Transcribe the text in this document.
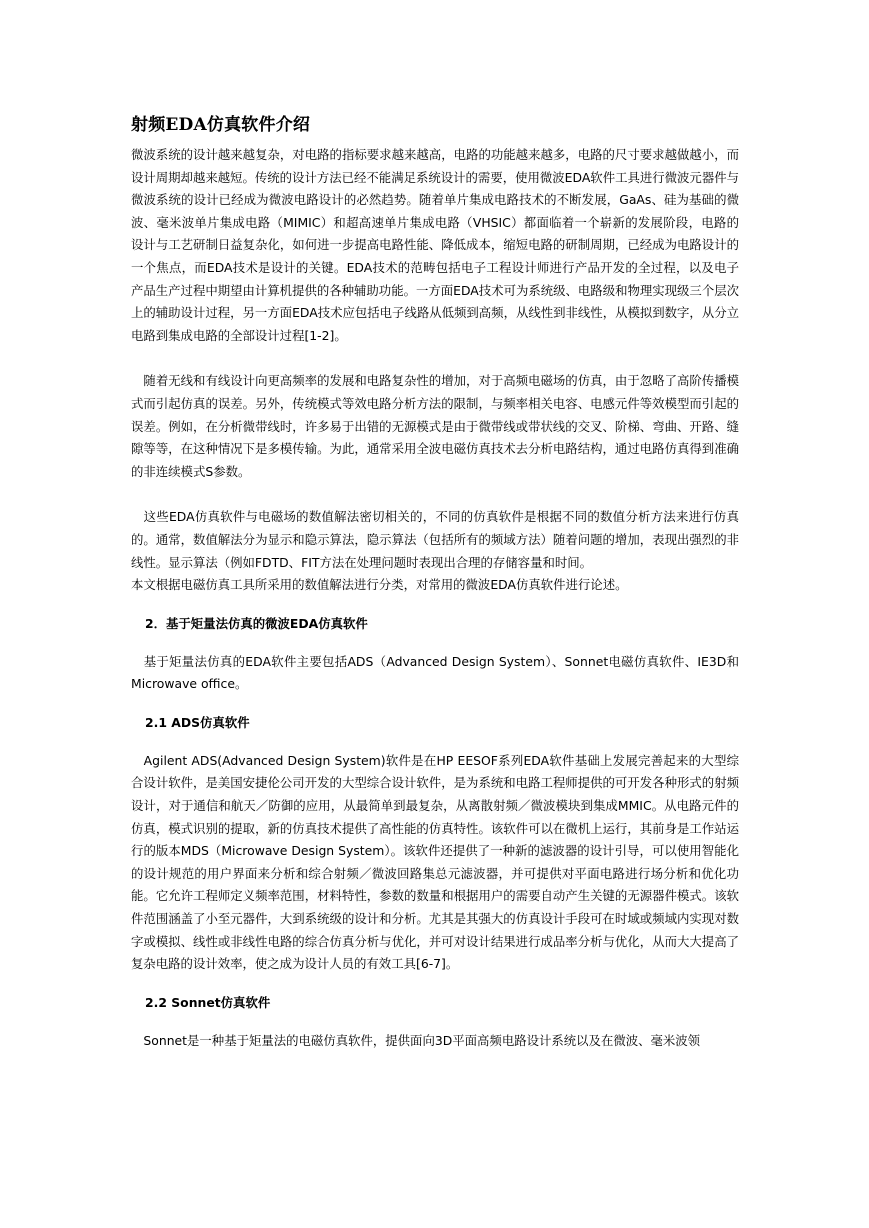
射频EDA仿真软件介绍

微波系统的设计越来越复杂，对电路的指标要求越来越高，电路的功能越来越多，电路的尺寸要求越做越小，而设计周期却越来越短。传统的设计方法已经不能满足系统设计的需要，使用微波EDA软件工具进行微波元器件与微波系统的设计已经成为微波电路设计的必然趋势。随着单片集成电路技术的不断发展，GaAs、硅为基础的微波、毫米波单片集成电路（MIMIC）和超高速单片集成电路（VHSIC）都面临着一个崭新的发展阶段，电路的设计与工艺研制日益复杂化，如何进一步提高电路性能、降低成本，缩短电路的研制周期，已经成为电路设计的一个焦点，而EDA技术是设计的关键。EDA技术的范畴包括电子工程设计师进行产品开发的全过程，以及电子产品生产过程中期望由计算机提供的各种辅助功能。一方面EDA技术可为系统级、电路级和物理实现级三个层次上的辅助设计过程，另一方面EDA技术应包括电子线路从低频到高频，从线性到非线性，从模拟到数字，从分立电路到集成电路的全部设计过程[1-2]。

　随着无线和有线设计向更高频率的发展和电路复杂性的增加，对于高频电磁场的仿真，由于忽略了高阶传播模式而引起仿真的误差。另外，传统模式等效电路分析方法的限制，与频率相关电容、电感元件等效模型而引起的误差。例如，在分析微带线时，许多易于出错的无源模式是由于微带线或带状线的交叉、阶梯、弯曲、开路、缝隙等等，在这种情况下是多模传输。为此，通常采用全波电磁仿真技术去分析电路结构，通过电路仿真得到准确的非连续模式S参数。

　这些EDA仿真软件与电磁场的数值解法密切相关的，不同的仿真软件是根据不同的数值分析方法来进行仿真的。通常，数值解法分为显示和隐示算法，隐示算法（包括所有的频域方法）随着问题的增加，表现出强烈的非线性。显示算法（例如FDTD、FIT方法在处理问题时表现出合理的存储容量和时间。

本文根据电磁仿真工具所采用的数值解法进行分类，对常用的微波EDA仿真软件进行论述。

2．基于矩量法仿真的微波EDA仿真软件

　基于矩量法仿真的EDA软件主要包括ADS（Advanced Design System）、Sonnet电磁仿真软件、IE3D和Microwave office。

2.1 ADS仿真软件

　Agilent ADS(Advanced Design System)软件是在HP EESOF系列EDA软件基础上发展完善起来的大型综合设计软件，是美国安捷伦公司开发的大型综合设计软件，是为系统和电路工程师提供的可开发各种形式的射频设计，对于通信和航天／防御的应用，从最简单到最复杂，从离散射频／微波模块到集成MMIC。从电路元件的仿真，模式识别的提取，新的仿真技术提供了高性能的仿真特性。该软件可以在微机上运行，其前身是工作站运行的版本MDS（Microwave Design System）。该软件还提供了一种新的滤波器的设计引导，可以使用智能化的设计规范的用户界面来分析和综合射频／微波回路集总元滤波器，并可提供对平面电路进行场分析和优化功能。它允许工程师定义频率范围，材料特性，参数的数量和根据用户的需要自动产生关键的无源器件模式。该软件范围涵盖了小至元器件，大到系统级的设计和分析。尤其是其强大的仿真设计手段可在时域或频域内实现对数字或模拟、线性或非线性电路的综合仿真分析与优化，并可对设计结果进行成品率分析与优化，从而大大提高了复杂电路的设计效率，使之成为设计人员的有效工具[6-7]。

2.2 Sonnet仿真软件

　Sonnet是一种基于矩量法的电磁仿真软件，提供面向3D平面高频电路设计系统以及在微波、毫米波领
